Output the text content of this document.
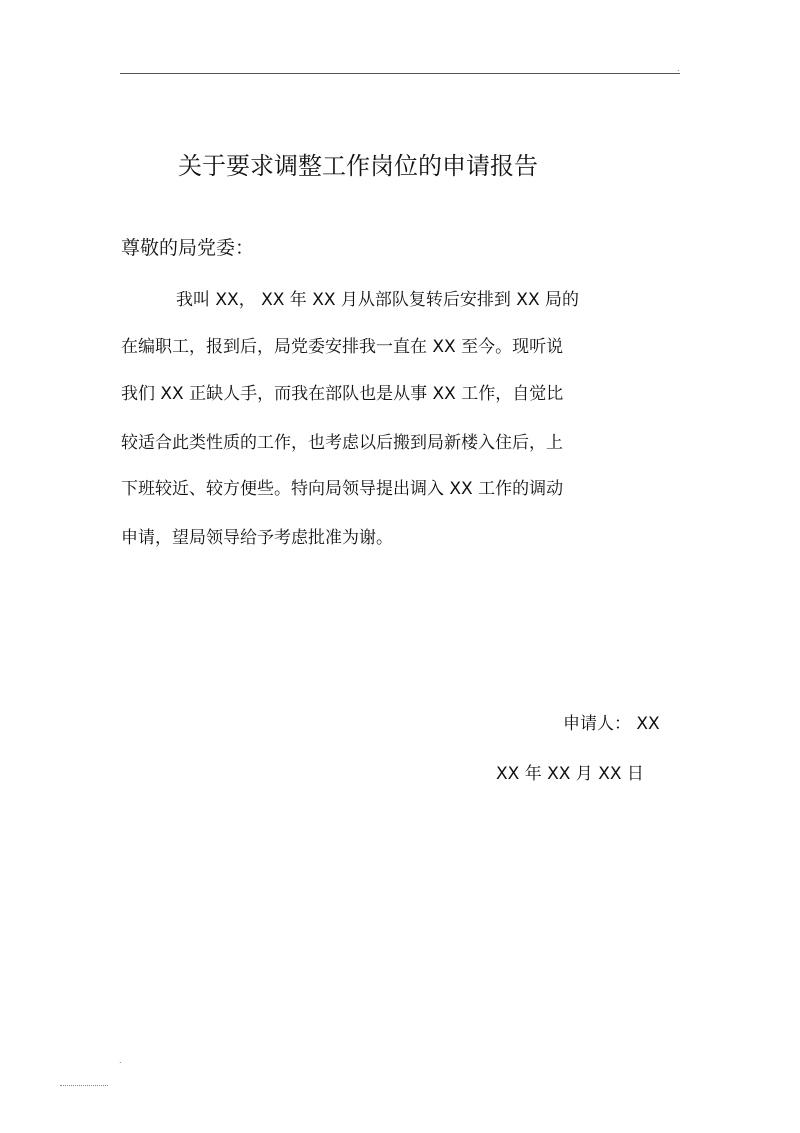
.
关于要求调整工作岗位的申请报告
尊敬的局党委：
我叫 XX， XX 年 XX 月从部队复转后安排到 XX 局的
在编职工，报到后，局党委安排我一直在 XX 至今。现听说
我们 XX 正缺人手，而我在部队也是从事 XX 工作，自觉比
较适合此类性质的工作，也考虑以后搬到局新楼入住后，上
下班较近、较方便些。特向局领导提出调入 XX 工作的调动
申请，望局领导给予考虑批准为谢。
申请人： XX
XX 年 XX 月 XX 日
.
